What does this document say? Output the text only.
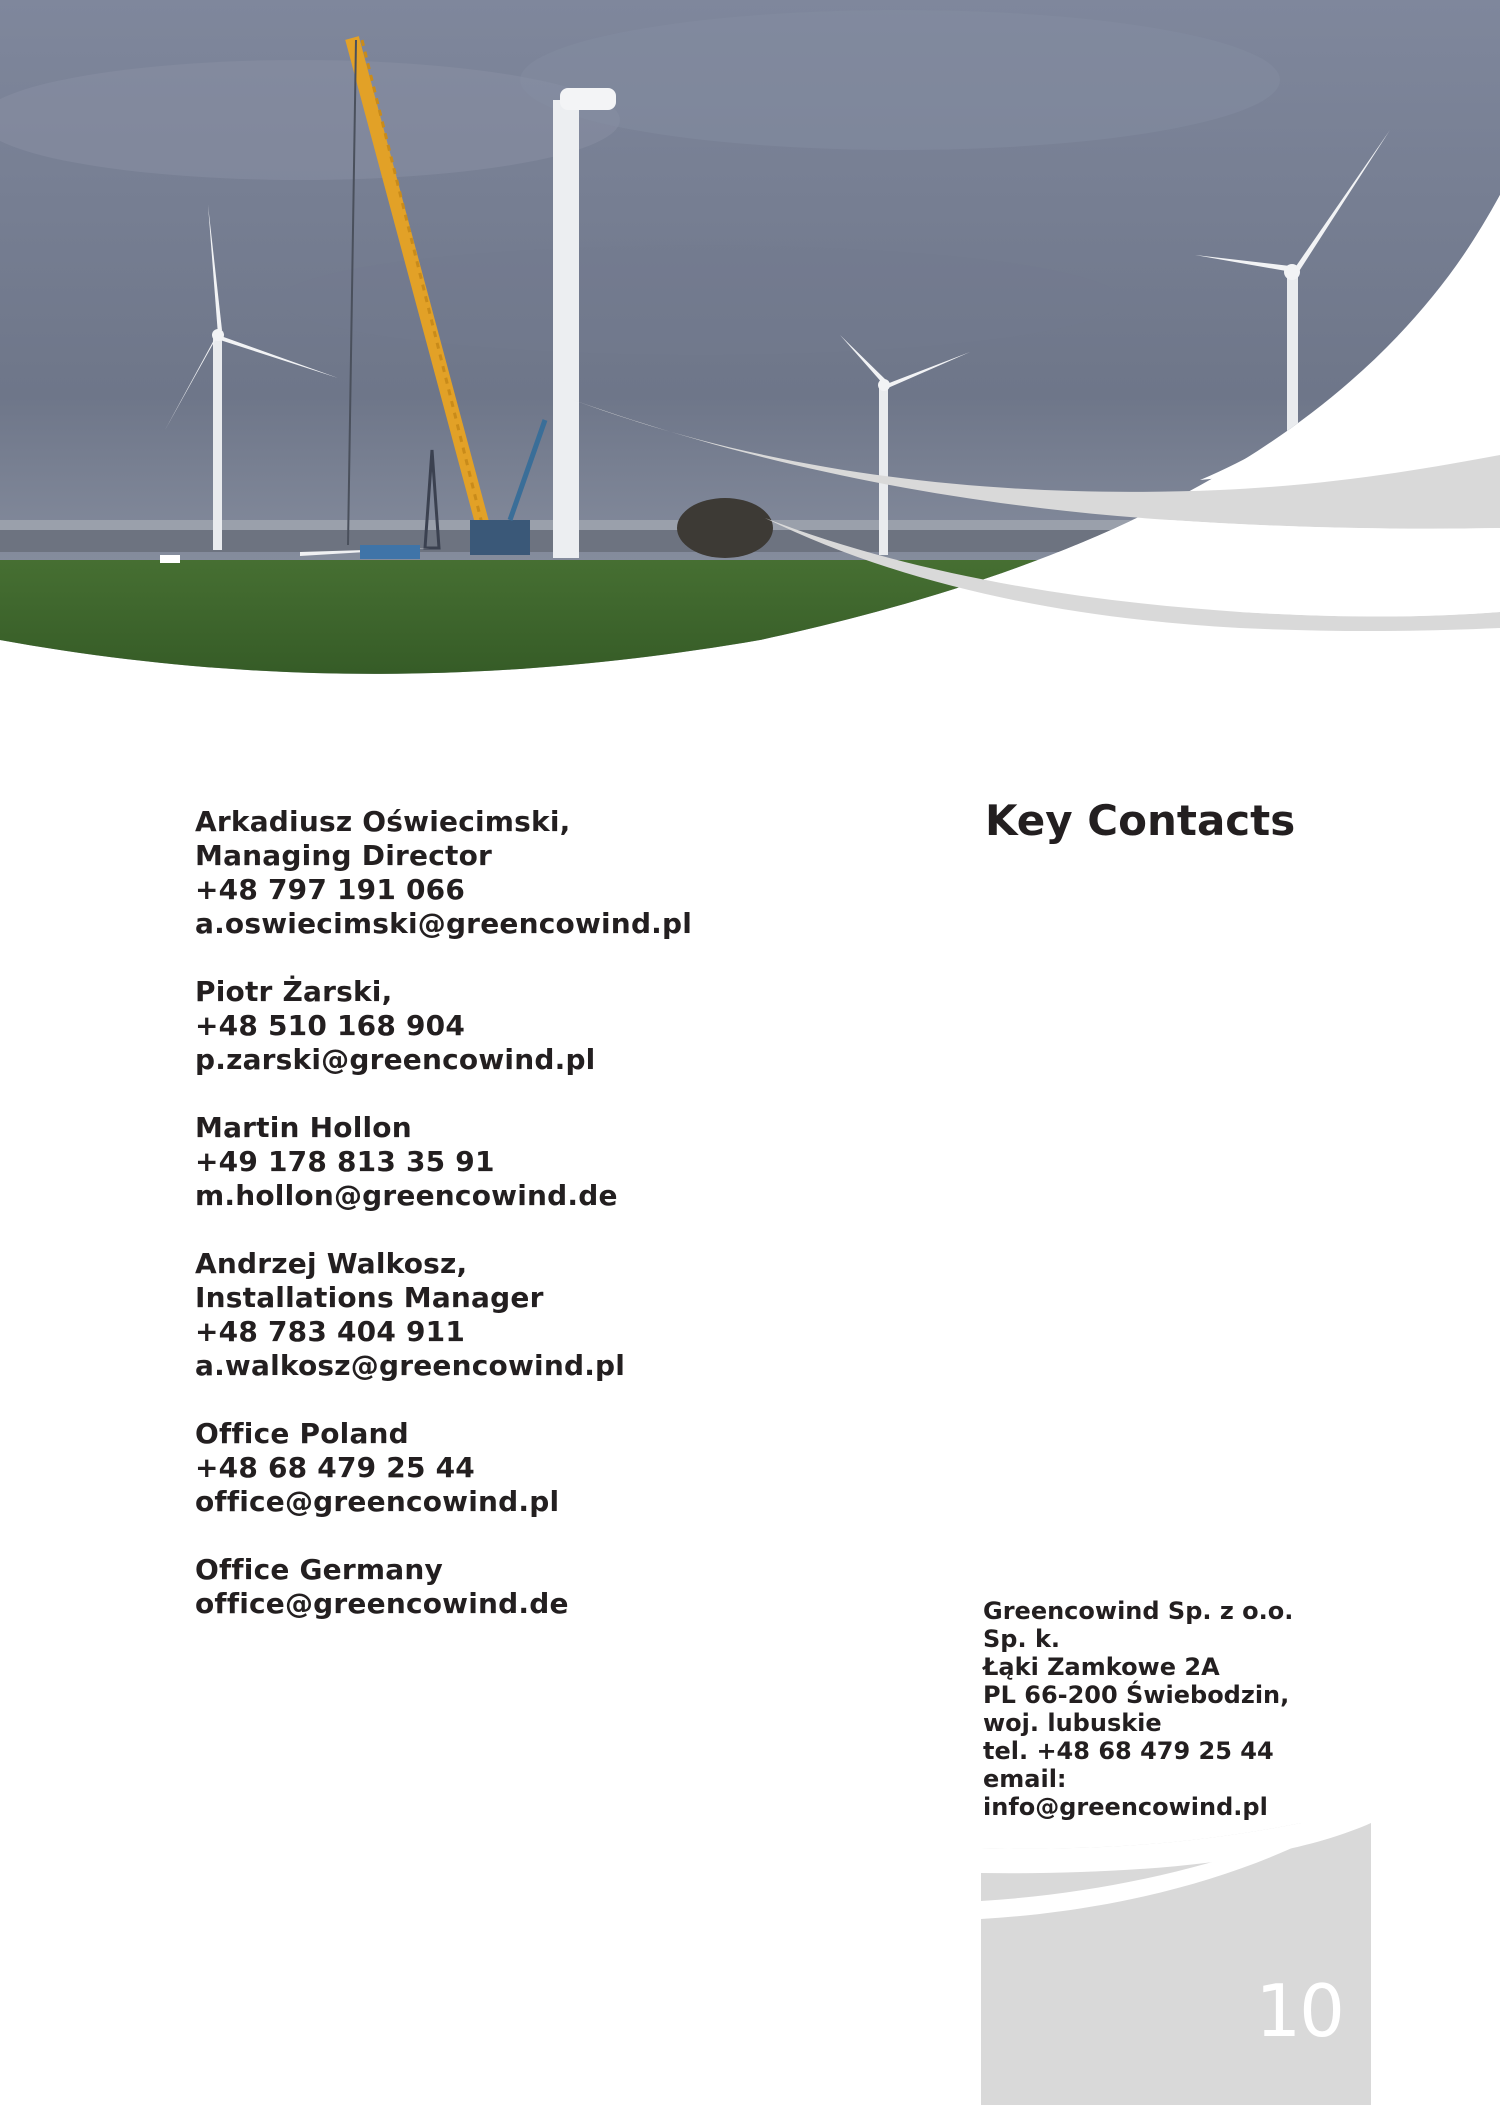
Arkadiusz Oświecimski,
Managing Director
+48 797 191 066
a.oswiecimski@greencowind.pl
Piotr Żarski,
+48 510 168 904
p.zarski@greencowind.pl
Martin Hollon
+49 178 813 35 91
m.hollon@greencowind.de
Andrzej Walkosz,
Installations Manager
+48 783 404 911
a.walkosz@greencowind.pl
Office Poland
+48 68 479 25 44
office@greencowind.pl
Office Germany
office@greencowind.de
Key Contacts
Greencowind Sp. z o.o. Sp. k.
Łąki Zamkowe 2A
PL 66-200 Świebodzin, woj. lubuskie
tel. +48 68 479 25 44
email: info@greencowind.pl
10
